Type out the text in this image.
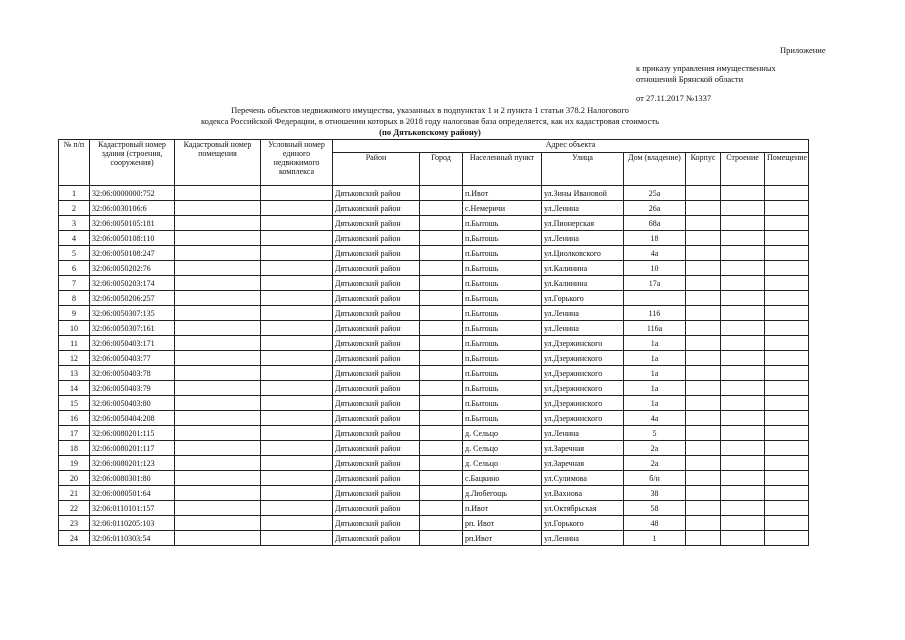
Приложение
к приказу управления имущественных
отношений Брянской области
от 27.11.2017 №1337
Перечень объектов недвижимого имущества, указанных в подпунктах 1 и 2 пункта 1 статьи 378.2 Налогового
кодекса Российской Федерации, в отношении которых в 2018 году налоговая база определяется, как их кадастровая стоимость
(по Дятьковскому району)
№ п/п	Кадастровый номер здания (строения, сооружения)	Кадастровый номер помещения	Условный номер единого недвижимого комплекса	Адрес объекта							
				Район	Город	Населенный пункт	Улица	Дом (владение)	Корпус	Строение	Помещение
1	32:06:0000000:752			Дятьковский район		п.Ивот	ул.Зины Ивановой	25а			
2	32:06:0030106:6			Дятьковский район		с.Немеричи	ул.Ленина	26а			
3	32:06:0050105:181			Дятьковский район		п.Бытошь	ул.Пионерская	68а			
4	32:06:0050108:110			Дятьковский район		п.Бытошь	ул.Ленина	18			
5	32:06:0050108:247			Дятьковский район		п.Бытошь	ул.Циолковского	4а			
6	32:06:0050202:76			Дятьковский район		п.Бытошь	ул.Калинина	10			
7	32:06:0050203:174			Дятьковский район		п.Бытошь	ул.Калинина	17а			
8	32:06:0050206:257			Дятьковский район		п.Бытошь	ул.Горького				
9	32:06:0050307:135			Дятьковский район		п.Бытошь	ул.Ленина	116			
10	32:06:0050307:161			Дятьковский район		п.Бытошь	ул.Ленина	116а			
11	32:06:0050403:171			Дятьковский район		п.Бытошь	ул.Дзержинского	1а			
12	32:06:0050403:77			Дятьковский район		п.Бытошь	ул.Дзержинского	1а			
13	32:06:0050403:78			Дятьковский район		п.Бытошь	ул.Дзержинского	1а			
14	32:06:0050403:79			Дятьковский район		п.Бытошь	ул.Дзержинского	1а			
15	32:06:0050403:80			Дятьковский район		п.Бытошь	ул.Дзержинского	1а			
16	32:06:0050404:208			Дятьковский район		п.Бытошь	ул.Дзержинского	4а			
17	32:06:0080201:115			Дятьковский район		д. Сельцо	ул.Ленина	5			
18	32:06:0080201:117			Дятьковский район		д. Сельцо	ул.Заречная	2а			
19	32:06:0080201:123			Дятьковский район		д. Сельцо	ул.Заречная	2а			
20	32:06:0080301:80			Дятьковский район		с.Бацкино	ул.Сулимова	б/н			
21	32:06:0080501:64			Дятьковский район		д.Любегощь	ул.Вахнова	38			
22	32:06:0110101:157			Дятьковский район		п.Ивот	ул.Октябрьская	58			
23	32:06:0110205:103			Дятьковский район		рп. Ивот	ул.Горького	48			
24	32:06:0110303:54			Дятьковский район		рп.Ивот	ул.Ленина	1			
